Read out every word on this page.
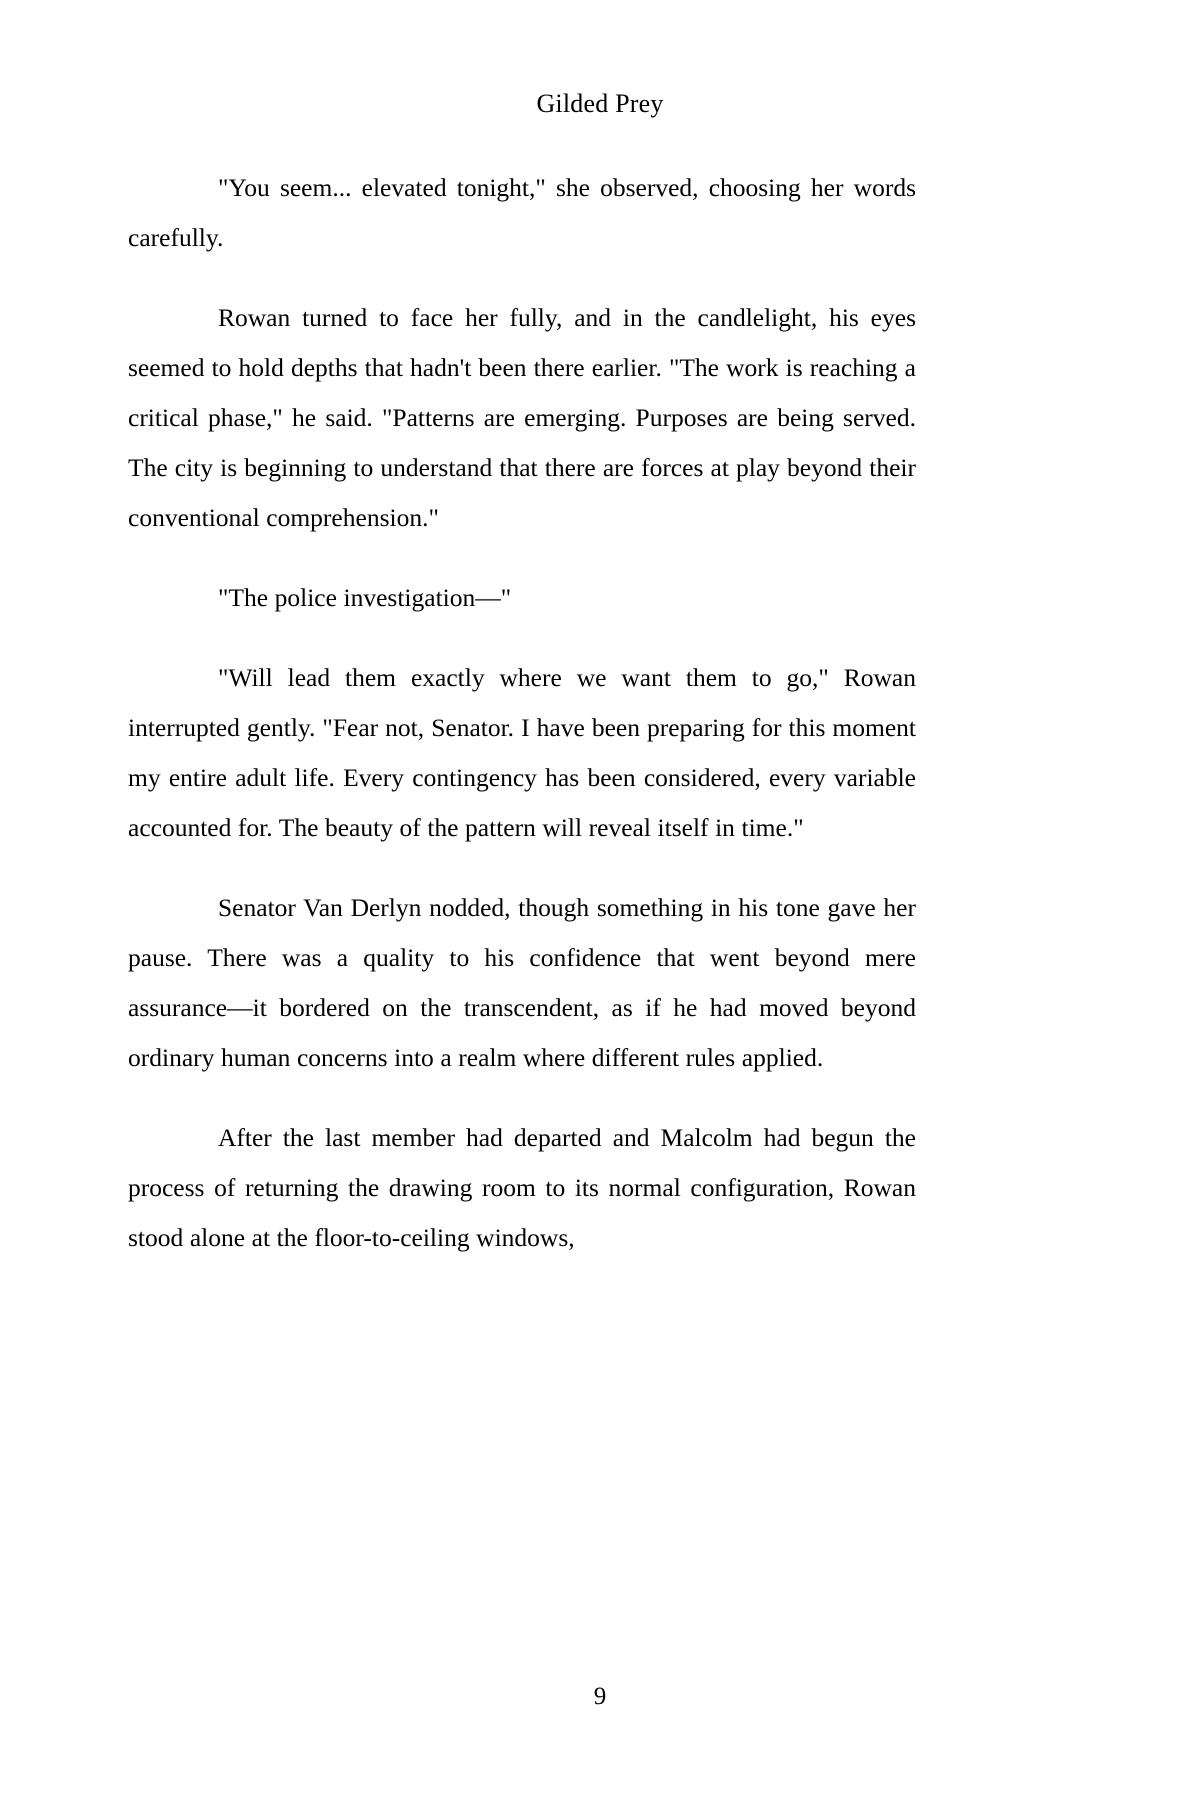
Gilded Prey

"You seem... elevated tonight," she observed, choosing her words carefully.

Rowan turned to face her fully, and in the candlelight, his eyes seemed to hold depths that hadn't been there earlier. "The work is reaching a critical phase," he said. "Patterns are emerging. Purposes are being served. The city is beginning to understand that there are forces at play beyond their conventional comprehension."

"The police investigation—"

"Will lead them exactly where we want them to go," Rowan interrupted gently. "Fear not, Senator. I have been preparing for this moment my entire adult life. Every contingency has been considered, every variable accounted for. The beauty of the pattern will reveal itself in time."

Senator Van Derlyn nodded, though something in his tone gave her pause. There was a quality to his confidence that went beyond mere assurance—it bordered on the transcendent, as if he had moved beyond ordinary human concerns into a realm where different rules applied.

After the last member had departed and Malcolm had begun the process of returning the drawing room to its normal configuration, Rowan stood alone at the floor-to-ceiling windows,

9
